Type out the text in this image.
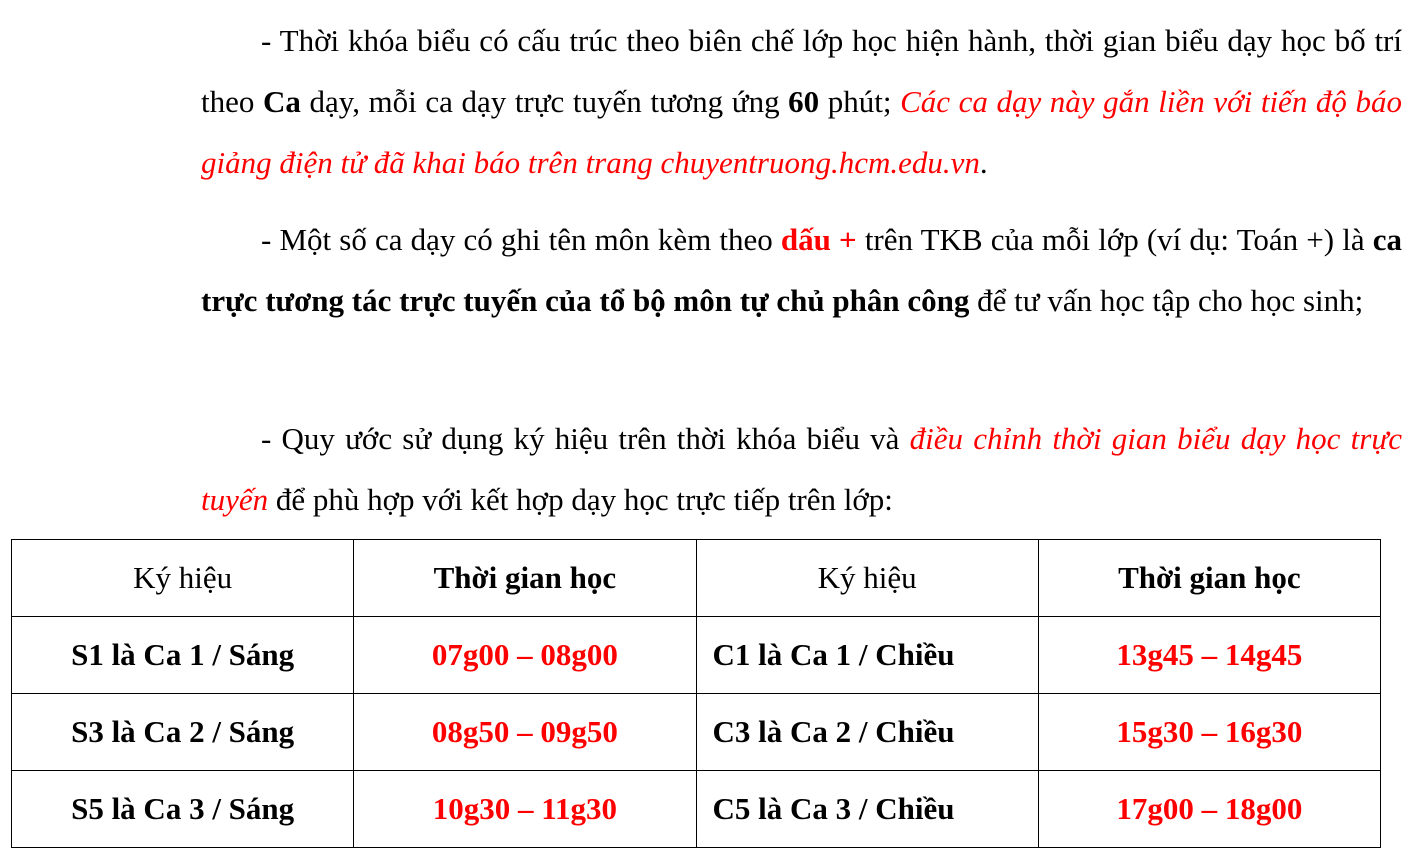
- Thời khóa biểu có cấu trúc theo biên chế lớp học hiện hành, thời gian biểu dạy học bố trí theo Ca dạy, mỗi ca dạy trực tuyến tương ứng 60 phút; Các ca dạy này gắn liền với tiến độ báo giảng điện tử đã khai báo trên trang chuyentruong.hcm.edu.vn.

- Một số ca dạy có ghi tên môn kèm theo dấu + trên TKB của mỗi lớp (ví dụ: Toán +) là ca trực tương tác trực tuyến của tổ bộ môn tự chủ phân công để tư vấn học tập cho học sinh;

- Quy ước sử dụng ký hiệu trên thời khóa biểu và điều chỉnh thời gian biểu dạy học trực tuyến để phù hợp với kết hợp dạy học trực tiếp trên lớp:

Ký hiệu	Thời gian học	Ký hiệu	Thời gian học
S1 là Ca 1 / Sáng	07g00 – 08g00	C1 là Ca 1 / Chiều	13g45 – 14g45
S3 là Ca 2 / Sáng	08g50 – 09g50	C3 là Ca 2 / Chiều	15g30 – 16g30
S5 là Ca 3 / Sáng	10g30 – 11g30	C5 là Ca 3 / Chiều	17g00 – 18g00
